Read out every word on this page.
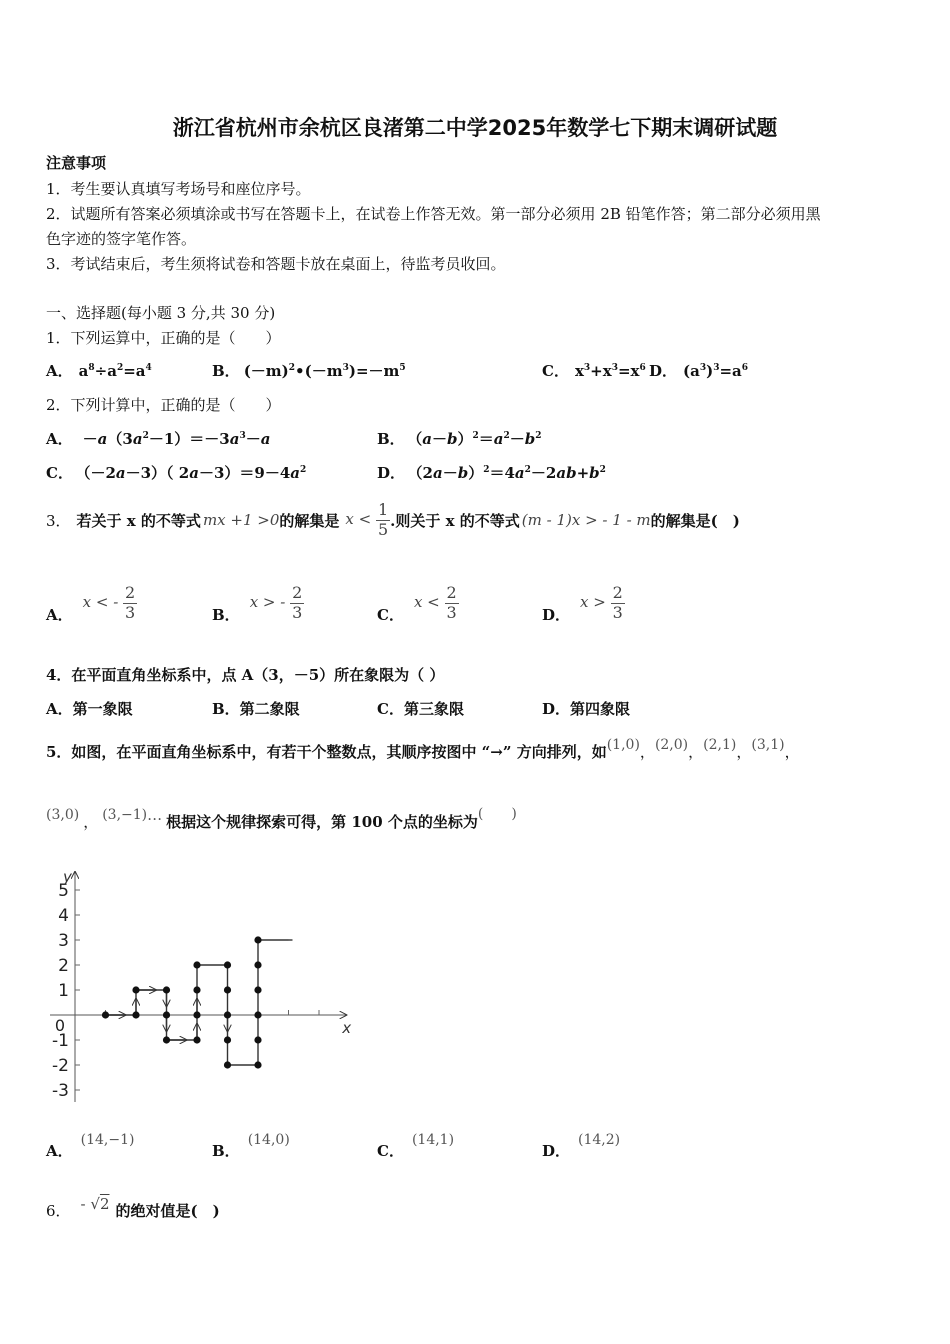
浙江省杭州市余杭区良渚第二中学2025年数学七下期末调研试题
注意事项
1．考生要认真填写考场号和座位序号。
2．试题所有答案必须填涂或书写在答题卡上，在试卷上作答无效。第一部分必须用 2B 铅笔作答；第二部分必须用黑
色字迹的签字笔作答。
3．考试结束后，考生须将试卷和答题卡放在桌面上，待监考员收回。
一、选择题(每小题 3 分,共 30 分)
1．下列运算中，正确的是（　　）
A． $a^8\div a^2=a^4$	B． $(-m)^2•(-m^3)=-m^5$	C． $x^3+x^3=x^6$ D． $(a^3)^3=a^6$
2．下列计算中，正确的是（　　）
A． $-a(3a^2-1)=-3a^3-a$	B． $(a-b)^2=a^2-b^2$
C． （－2a－3）（ $2a-3)=9-4a^2$	D． $(2a-b)^2=4a^2-2ab+b^2$
3． 若关于 x 的不等式 mx +1 >0 的解集是 $x < \frac{1}{5}$ .则关于 x 的不等式 (m - 1)x > - 1 - m 的解集是(　)
A．
x < - $\frac{2}{3}$	B．
x > - $\frac{2}{3}$	C．
$x < \frac{2}{3}$	D．
$x > \frac{2}{3}$
4．在平面直角坐标系中，点 A（3，－5）所在象限为（ ）
A．第一象限	B．第二象限	C．第三象限	D．第四象限
5．如图，在平面直角坐标系中，有若干个整数点，其顺序按图中 “→” 方向排列，如 (1,0) ， (2,0) ， (2,1) ， (3,1) ，
(3,0) ， (3,−1) … 根据这个规律探索可得，第 100 个点的坐标为 (　　)
5
4
3
2
1
-1
-2
-3
0	x
y
A．
(14,−1)
B．
(14,0)
C．
(14,1)
D．
(14,2)
6． - √2 的绝对值是(　)
